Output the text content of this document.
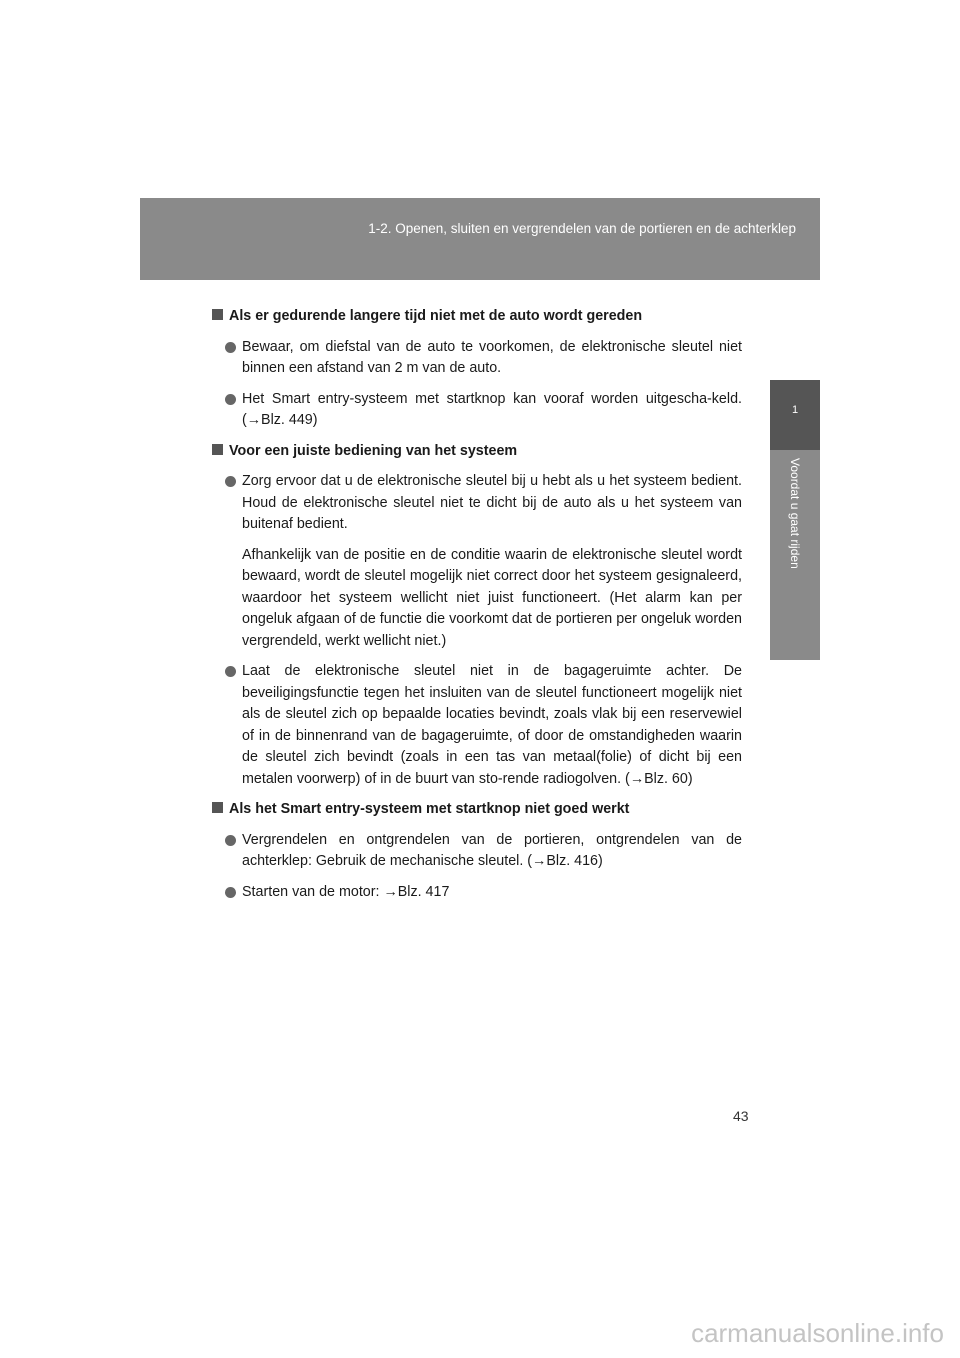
1-2. Openen, sluiten en vergrendelen van de portieren en de achterklep
1
Voordat u gaat rijden
Als er gedurende langere tijd niet met de auto wordt gereden

Bewaar, om diefstal van de auto te voorkomen, de elektronische sleutel niet binnen een afstand van 2 m van de auto.

Het Smart entry-systeem met startknop kan vooraf worden uitgescha-keld. (→Blz. 449)

Voor een juiste bediening van het systeem

Zorg ervoor dat u de elektronische sleutel bij u hebt als u het systeem bedient. Houd de elektronische sleutel niet te dicht bij de auto als u het systeem van buitenaf bedient.

Afhankelijk van de positie en de conditie waarin de elektronische sleutel wordt bewaard, wordt de sleutel mogelijk niet correct door het systeem gesignaleerd, waardoor het systeem wellicht niet juist functioneert. (Het alarm kan per ongeluk afgaan of de functie die voorkomt dat de portieren per ongeluk worden vergrendeld, werkt wellicht niet.)

Laat de elektronische sleutel niet in de bagageruimte achter. De beveiligingsfunctie tegen het insluiten van de sleutel functioneert mogelijk niet als de sleutel zich op bepaalde locaties bevindt, zoals vlak bij een reservewiel of in de binnenrand van de bagageruimte, of door de omstandigheden waarin de sleutel zich bevindt (zoals in een tas van metaal(folie) of dicht bij een metalen voorwerp) of in de buurt van sto-rende radiogolven. (→Blz. 60)

Als het Smart entry-systeem met startknop niet goed werkt

Vergrendelen en ontgrendelen van de portieren, ontgrendelen van de achterklep: Gebruik de mechanische sleutel. (→Blz. 416)

Starten van de motor: →Blz. 417

43
carmanualsonline.info
